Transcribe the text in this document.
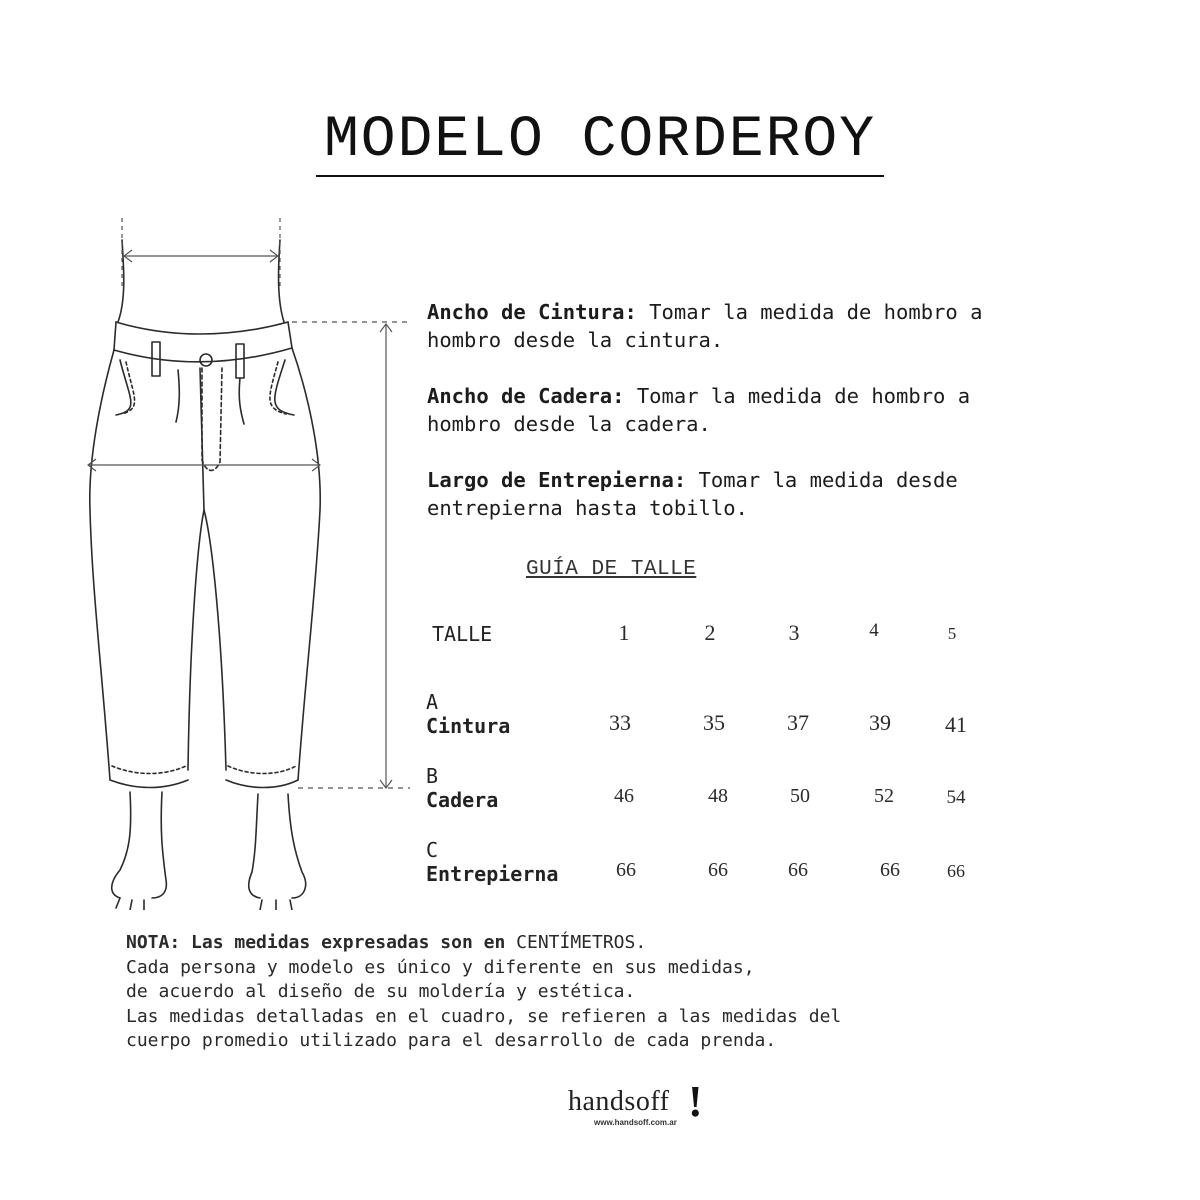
MODELO CORDEROY
Ancho de Cintura: Tomar la medida de hombro a
hombro desde la cintura.
Ancho de Cadera: Tomar la medida de hombro a
hombro desde la cadera.
Largo de Entrepierna: Tomar la medida desde
entrepierna hasta tobillo.
GUÍA DE TALLE
TALLE	1	2	3	4	5
A
Cintura	33	35	37	39	41
B
Cadera	46	48	50	52	54
C
Entrepierna	66	66	66	66	66
NOTA: Las medidas expresadas son en CENTÍMETROS.
Cada persona y modelo es único y diferente en sus medidas,
de acuerdo al diseño de su moldería y estética.
Las medidas detalladas en el cuadro, se refieren a las medidas del
cuerpo promedio utilizado para el desarrollo de cada prenda.
handsoff !
www.handsoff.com.ar
